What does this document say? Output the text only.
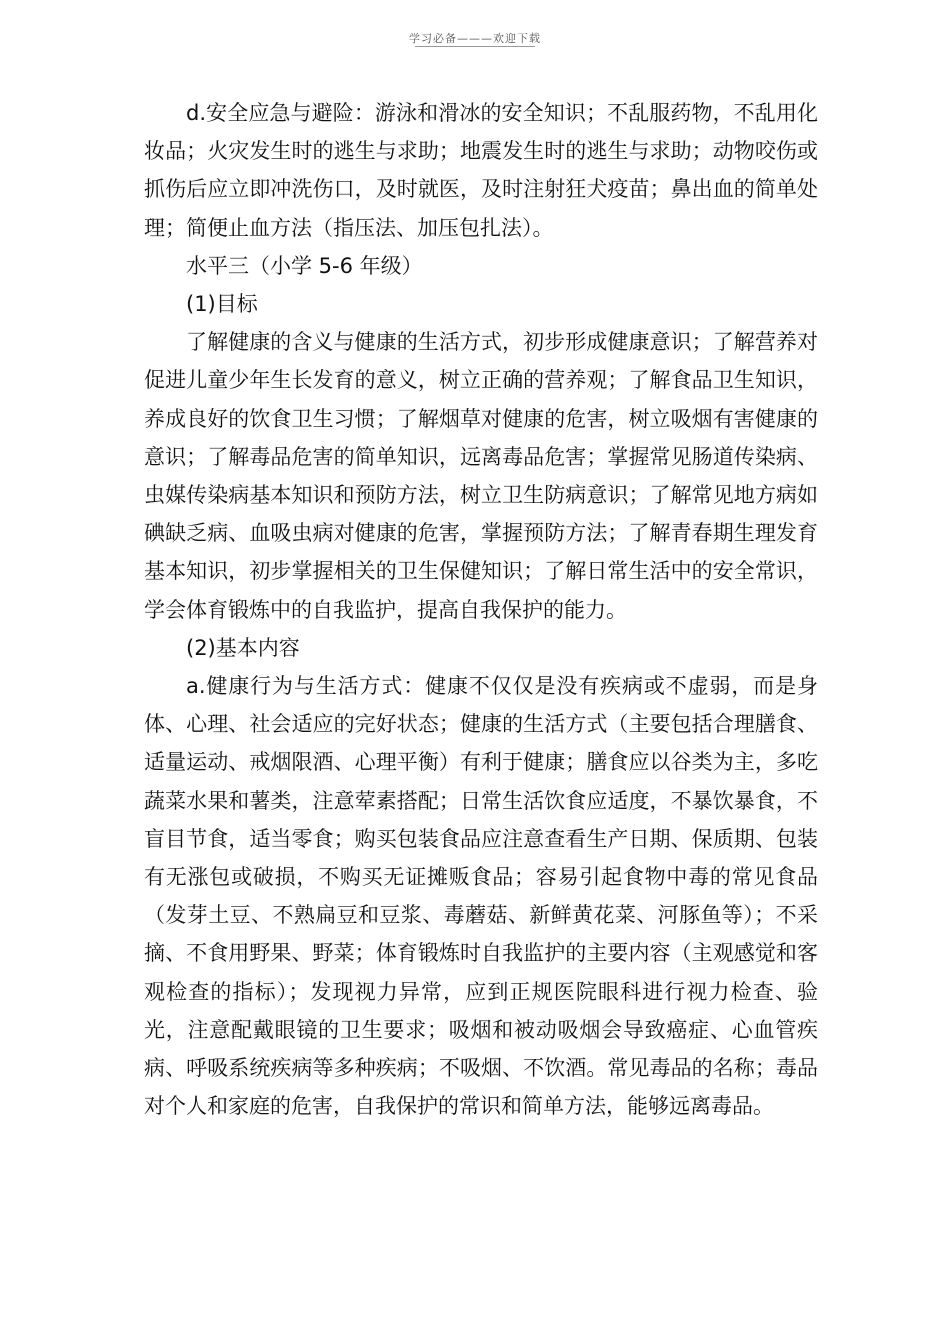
学习必备———欢迎下载

d.安全应急与避险：游泳和滑冰的安全知识；不乱服药物，不乱用化妆品；火灾发生时的逃生与求助；地震发生时的逃生与求助；动物咬伤或抓伤后应立即冲洗伤口，及时就医，及时注射狂犬疫苗；鼻出血的简单处理；简便止血方法（指压法、加压包扎法）。

水平三（小学 5-6 年级）

(1)目标

了解健康的含义与健康的生活方式，初步形成健康意识；了解营养对促进儿童少年生长发育的意义，树立正确的营养观；了解食品卫生知识，养成良好的饮食卫生习惯；了解烟草对健康的危害，树立吸烟有害健康的意识；了解毒品危害的简单知识，远离毒品危害；掌握常见肠道传染病、虫媒传染病基本知识和预防方法，树立卫生防病意识；了解常见地方病如碘缺乏病、血吸虫病对健康的危害，掌握预防方法；了解青春期生理发育基本知识，初步掌握相关的卫生保健知识；了解日常生活中的安全常识，学会体育锻炼中的自我监护，提高自我保护的能力。

(2)基本内容

a.健康行为与生活方式：健康不仅仅是没有疾病或不虚弱，而是身体、心理、社会适应的完好状态；健康的生活方式（主要包括合理膳食、适量运动、戒烟限酒、心理平衡）有利于健康；膳食应以谷类为主，多吃蔬菜水果和薯类，注意荤素搭配；日常生活饮食应适度，不暴饮暴食，不盲目节食，适当零食；购买包装食品应注意查看生产日期、保质期、包装有无涨包或破损，不购买无证摊贩食品；容易引起食物中毒的常见食品（发芽土豆、不熟扁豆和豆浆、毒蘑菇、新鲜黄花菜、河豚鱼等）；不采摘、不食用野果、野菜；体育锻炼时自我监护的主要内容（主观感觉和客观检查的指标）；发现视力异常，应到正规医院眼科进行视力检查、验光，注意配戴眼镜的卫生要求；吸烟和被动吸烟会导致癌症、心血管疾病、呼吸系统疾病等多种疾病；不吸烟、不饮酒。常见毒品的名称；毒品对个人和家庭的危害，自我保护的常识和简单方法，能够远离毒品。
